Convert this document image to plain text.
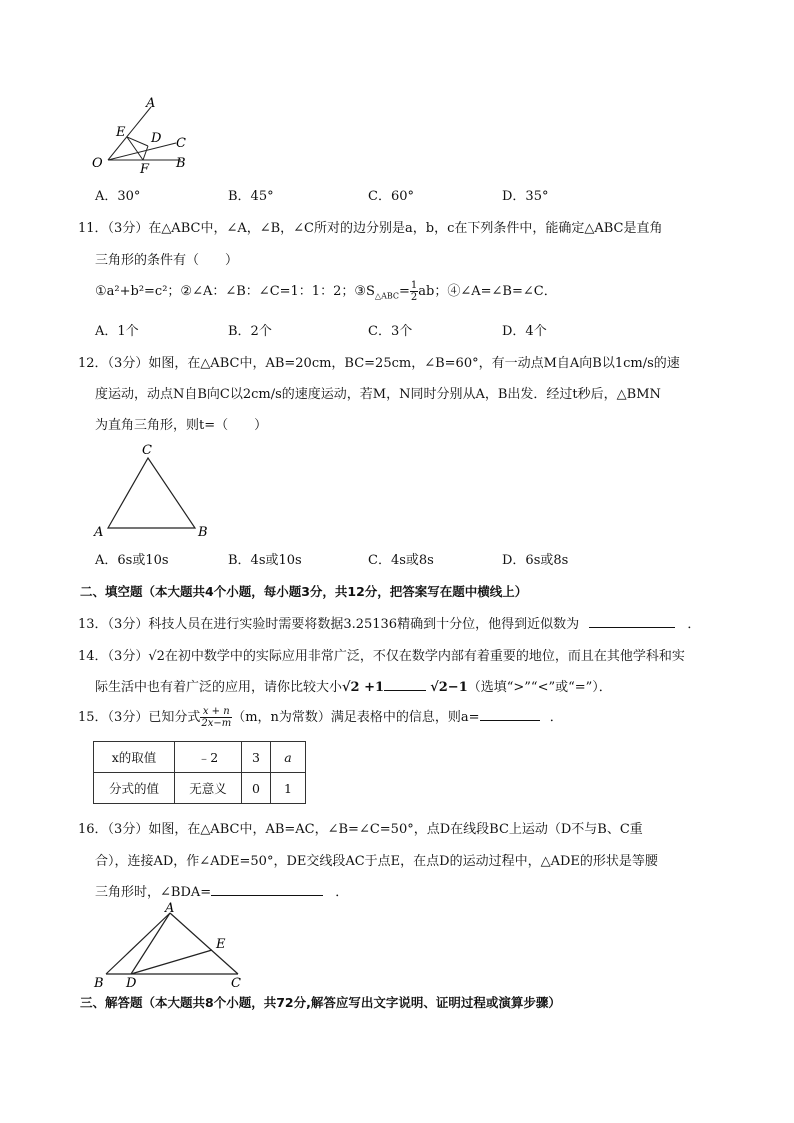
A
E D C
O	F B
A．30°	B．45°	C．60°	D．35°
11．（3分）在△ABC中，∠A，∠B，∠C所对的边分别是a，b，c在下列条件中，能确定△ABC是直角
三角形的条件有（　　）
①a²+b²=c²；②∠A：∠B：∠C=1：1：2；$③S_{\triangle ABC}= \frac{1}{2}$ ab；④∠A=∠B=∠C．
A．1个	B．2个	C．3个	D．4个
12．（3分）如图，在△ABC中，AB=20cm，BC=25cm，∠B=60°，有一动点M自A向B以1cm/s的速
度运动，动点N自B向C以2cm/s的速度运动，若M，N同时分别从A，B出发．经过t秒后，△BMN
为直角三角形，则t=（　　）
C
A	B
A．6s或10s	B．4s或10s	C．4s或8s	D．6s或8s
二、填空题（本大题共4个小题，每小题3分，共12分，把答案写在题中横线上）
13．（3分）科技人员在进行实验时需要将数据3.25136精确到十分位，他得到近似数为	．
14．（3分）√2在初中数学中的实际应用非常广泛，不仅在数学内部有着重要的地位，而且在其他学科和实
际生活中也有着广泛的应用，请你比较大小√2 +1	√2−1（选填“>”“<”或“=”）．
15．（3分）已知分式 $\frac{x + n}{2x-m} (m$，n为常数）满足表格中的信息，则a=	．
x的取值	﹣2	3	a
分式的值	无意义	0	1
16．（3分）如图，在△ABC中，AB=AC，∠B=∠C=50°，点D在线段BC上运动（D不与B、C重
合），连接AD，作∠ADE=50°，DE交线段AC于点E，在点D的运动过程中，△ADE的形状是等腰
三角形时，∠BDA=	．
A
E
B D	C
三、解答题（本大题共8个小题，共72分,解答应写出文字说明、证明过程或演算步骤）
